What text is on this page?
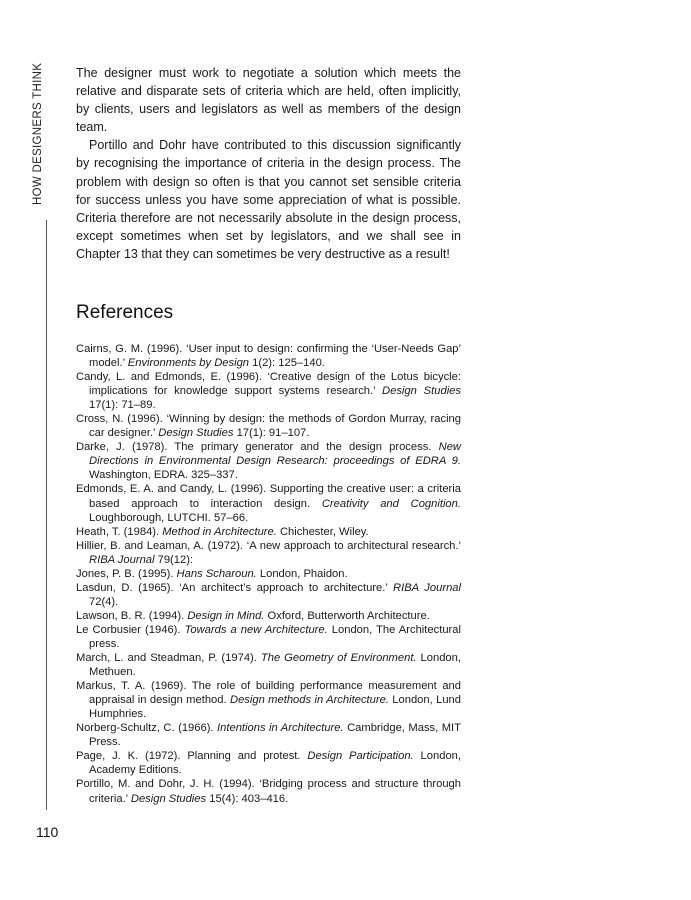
HOW DESIGNERS THINK
110

The designer must work to negotiate a solution which meets the relative and disparate sets of criteria which are held, often implicitly, by clients, users and legislators as well as members of the design team.

Portillo and Dohr have contributed to this discussion significantly by recognising the importance of criteria in the design process. The problem with design so often is that you cannot set sensible criteria for success unless you have some appreciation of what is possible. Criteria therefore are not necessarily absolute in the design process, except sometimes when set by legislators, and we shall see in Chapter 13 that they can sometimes be very destructive as a result!

References
Cairns, G. M. (1996). ‘User input to design: confirming the ‘User-Needs Gap’ model.’ Environments by Design 1(2): 125–140.
Candy, L. and Edmonds, E. (1996). ‘Creative design of the Lotus bicycle: implications for knowledge support systems research.’ Design Studies 17(1): 71–89.
Cross, N. (1996). ‘Winning by design: the methods of Gordon Murray, racing car designer.’ Design Studies 17(1): 91–107.
Darke, J. (1978). The primary generator and the design process. New Directions in Environmental Design Research: proceedings of EDRA 9. Washington, EDRA. 325–337.
Edmonds, E. A. and Candy, L. (1996). Supporting the creative user: a criteria based approach to interaction design. Creativity and Cognition. Loughborough, LUTCHI. 57–66.
Heath, T. (1984). Method in Architecture. Chichester, Wiley.
Hillier, B. and Leaman, A. (1972). ‘A new approach to architectural research.’ RIBA Journal 79(12):
Jones, P. B. (1995). Hans Scharoun. London, Phaidon.
Lasdun, D. (1965). ‘An architect’s approach to architecture.’ RIBA Journal 72(4).
Lawson, B. R. (1994). Design in Mind. Oxford, Butterworth Architecture.
Le Corbusier (1946). Towards a new Architecture. London, The Architectural press.
March, L. and Steadman, P. (1974). The Geometry of Environment. London, Methuen.
Markus, T. A. (1969). The role of building performance measurement and appraisal in design method. Design methods in Architecture. London, Lund Humphries.
Norberg-Schultz, C. (1966). Intentions in Architecture. Cambridge, Mass, MIT Press.
Page, J. K. (1972). Planning and protest. Design Participation. London, Academy Editions.
Portillo, M. and Dohr, J. H. (1994). ‘Bridging process and structure through criteria.’ Design Studies 15(4): 403–416.
